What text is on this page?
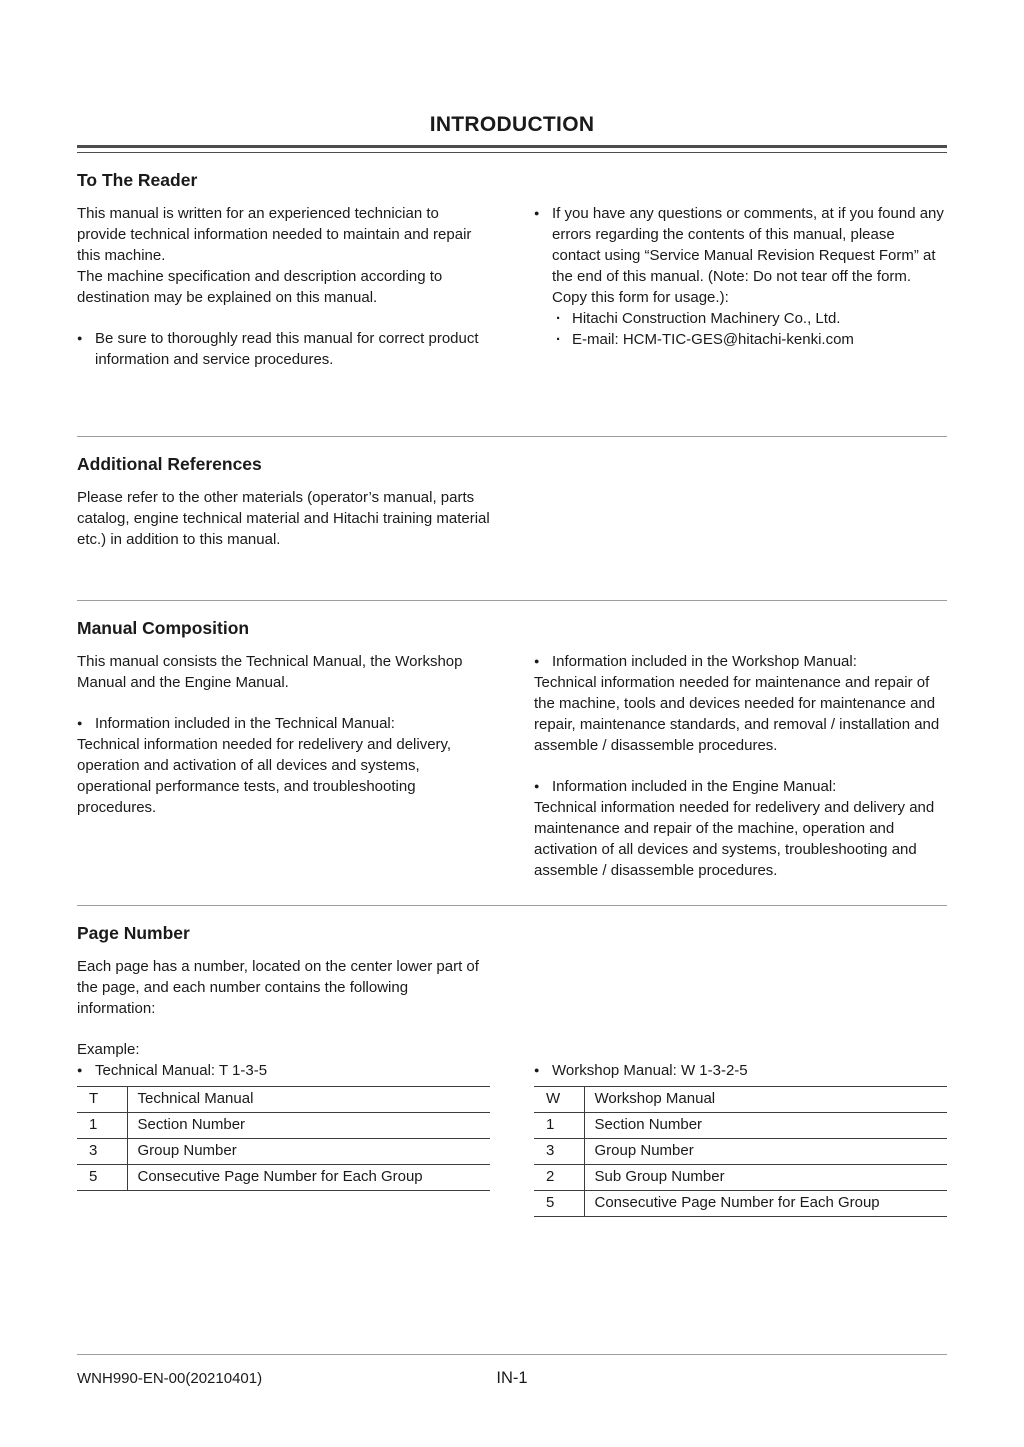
INTRODUCTION
To The Reader

This manual is written for an experienced technician to provide technical information needed to maintain and repair this machine.

The machine specification and description according to destination may be explained on this manual.

● Be sure to thoroughly read this manual for correct product information and service procedures.
● If you have any questions or comments, at if you found any errors regarding the contents of this manual, please contact using “Service Manual Revision Request Form” at the end of this manual. (Note: Do not tear off the form. Copy this form for usage.):

· Hitachi Construction Machinery Co., Ltd.
· E-mail: HCM-TIC-GES@hitachi-kenki.com
Additional References

Please refer to the other materials (operator’s manual, parts catalog, engine technical material and Hitachi training material etc.) in addition to this manual.

Manual Composition

This manual consists the Technical Manual, the Workshop Manual and the Engine Manual.

● Information included in the Technical Manual:

Technical information needed for redelivery and delivery, operation and activation of all devices and systems, operational performance tests, and troubleshooting procedures.

● Information included in the Workshop Manual:

Technical information needed for maintenance and repair of the machine, tools and devices needed for maintenance and repair, maintenance standards, and removal / installation and assemble / disassemble procedures.

● Information included in the Engine Manual:

Technical information needed for redelivery and delivery and maintenance and repair of the machine, operation and activation of all devices and systems, troubleshooting and assemble / disassemble procedures.

Page Number

Each page has a number, located on the center lower part of the page, and each number contains the following information:

Example:

● Technical Manual: T 1-3-5
T	Technical Manual
1	Section Number
3	Group Number
5	Consecutive Page Number for Each Group
● Workshop Manual: W 1-3-2-5
W	Workshop Manual
1	Section Number
3	Group Number
2	Sub Group Number
5	Consecutive Page Number for Each Group
WNH990-EN-00(20210401)	IN-1
